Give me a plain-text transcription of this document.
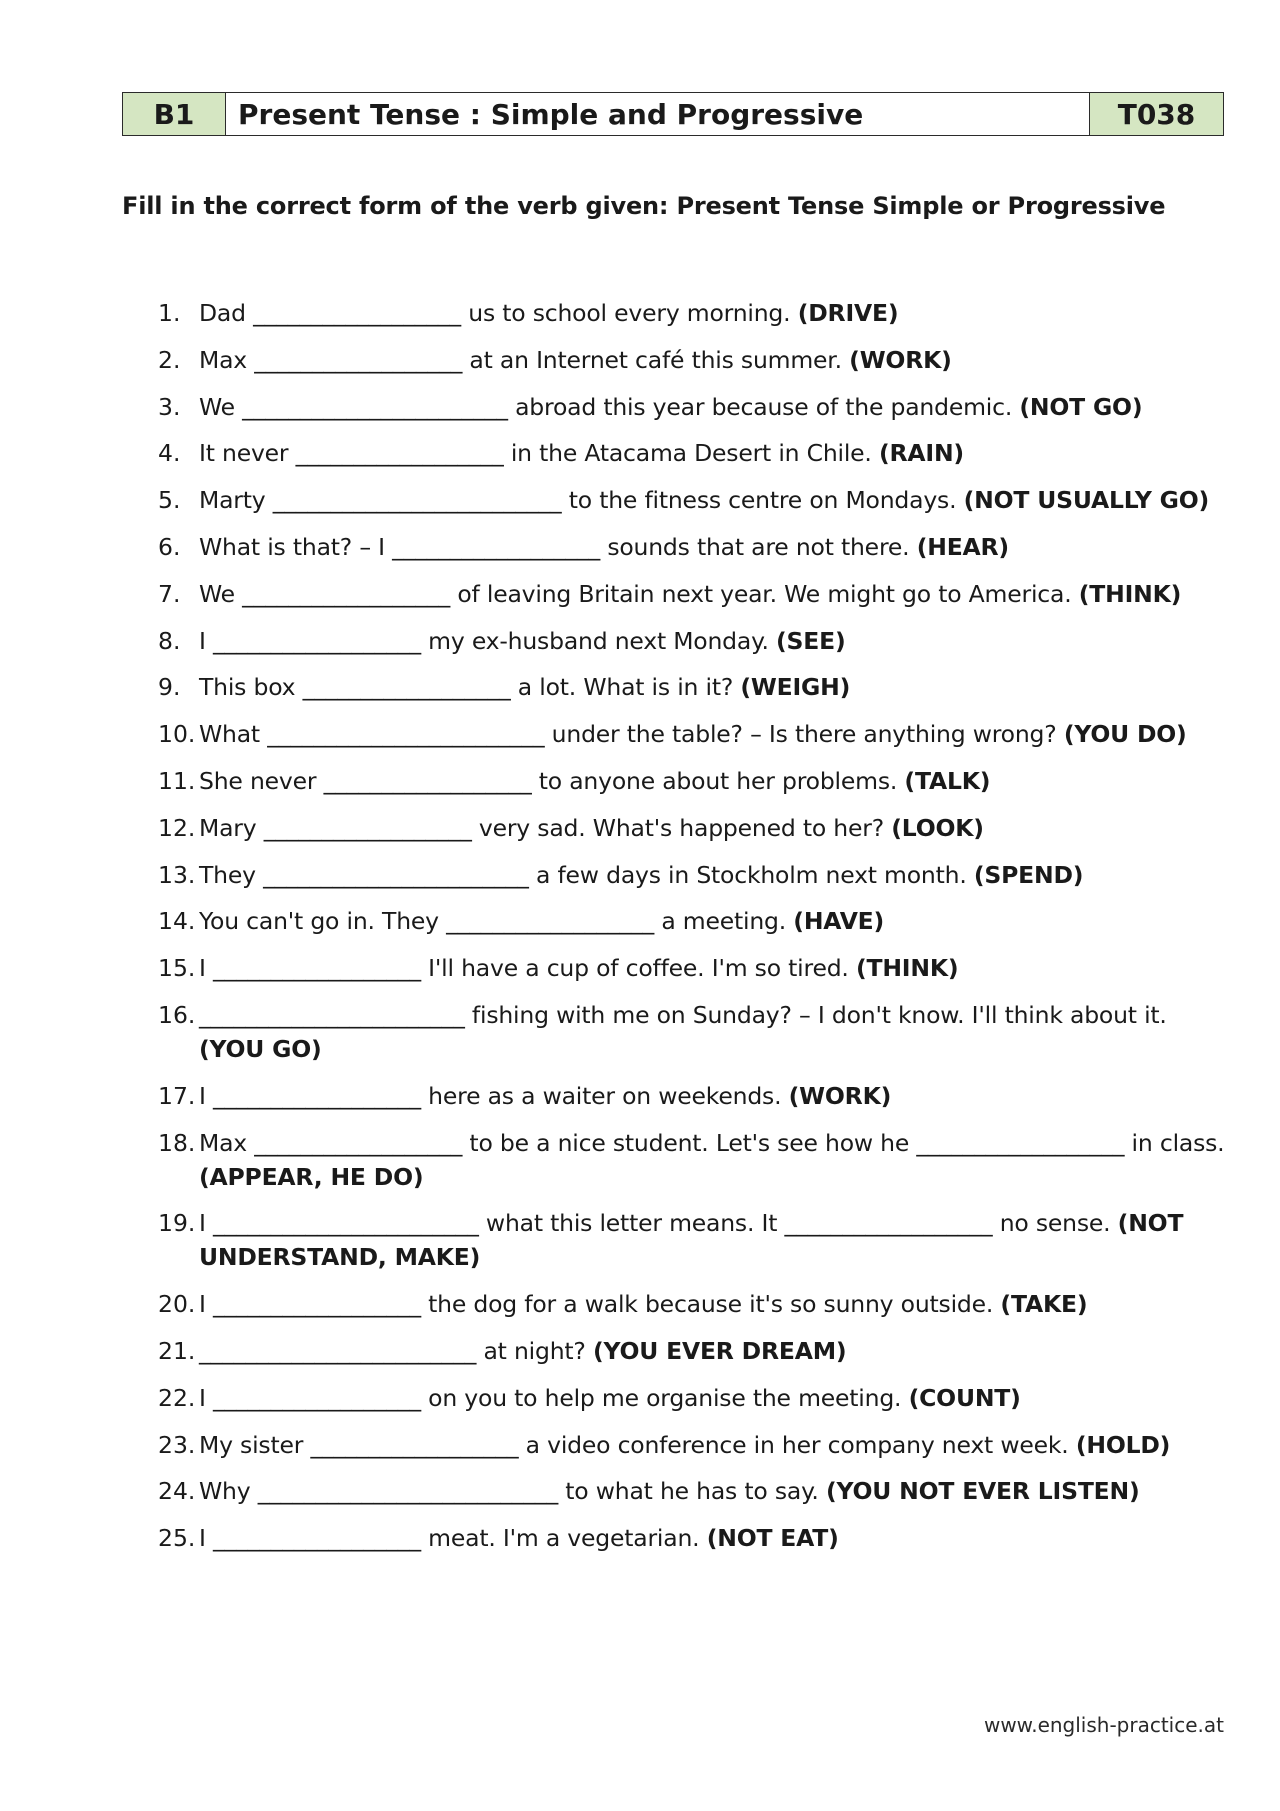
B1	Present Tense : Simple and Progressive	T038
Fill in the correct form of the verb given: Present Tense Simple or Progressive
1. Dad __________________ us to school every morning. (DRIVE)
2. Max __________________ at an Internet café this summer. (WORK)
3. We _______________________ abroad this year because of the pandemic. (NOT GO)
4. It never __________________ in the Atacama Desert in Chile. (RAIN)
5. Marty _________________________ to the fitness centre on Mondays. (NOT USUALLY GO)
6. What is that? – I __________________ sounds that are not there. (HEAR)
7. We __________________ of leaving Britain next year. We might go to America. (THINK)
8. I __________________ my ex-husband next Monday. (SEE)
9. This box __________________ a lot. What is in it? (WEIGH)
10. What ________________________ under the table? – Is there anything wrong? (YOU DO)
11. She never __________________ to anyone about her problems. (TALK)
12. Mary __________________ very sad. What's happened to her? (LOOK)
13. They _______________________ a few days in Stockholm next month. (SPEND)
14. You can't go in. They __________________ a meeting. (HAVE)
15. I __________________ I'll have a cup of coffee. I'm so tired. (THINK)
16. _______________________ fishing with me on Sunday? – I don't know. I'll think about it. (YOU GO)
17. I __________________ here as a waiter on weekends. (WORK)
18. Max __________________ to be a nice student. Let's see how he __________________ in class. (APPEAR, HE DO)
19. I _______________________ what this letter means. It __________________ no sense. (NOT UNDERSTAND, MAKE)
20. I __________________ the dog for a walk because it's so sunny outside. (TAKE)
21. ________________________ at night? (YOU EVER DREAM)
22. I __________________ on you to help me organise the meeting. (COUNT)
23. My sister __________________ a video conference in her company next week. (HOLD)
24. Why __________________________ to what he has to say. (YOU NOT EVER LISTEN)
25. I __________________ meat. I'm a vegetarian. (NOT EAT)
www.english-practice.at
